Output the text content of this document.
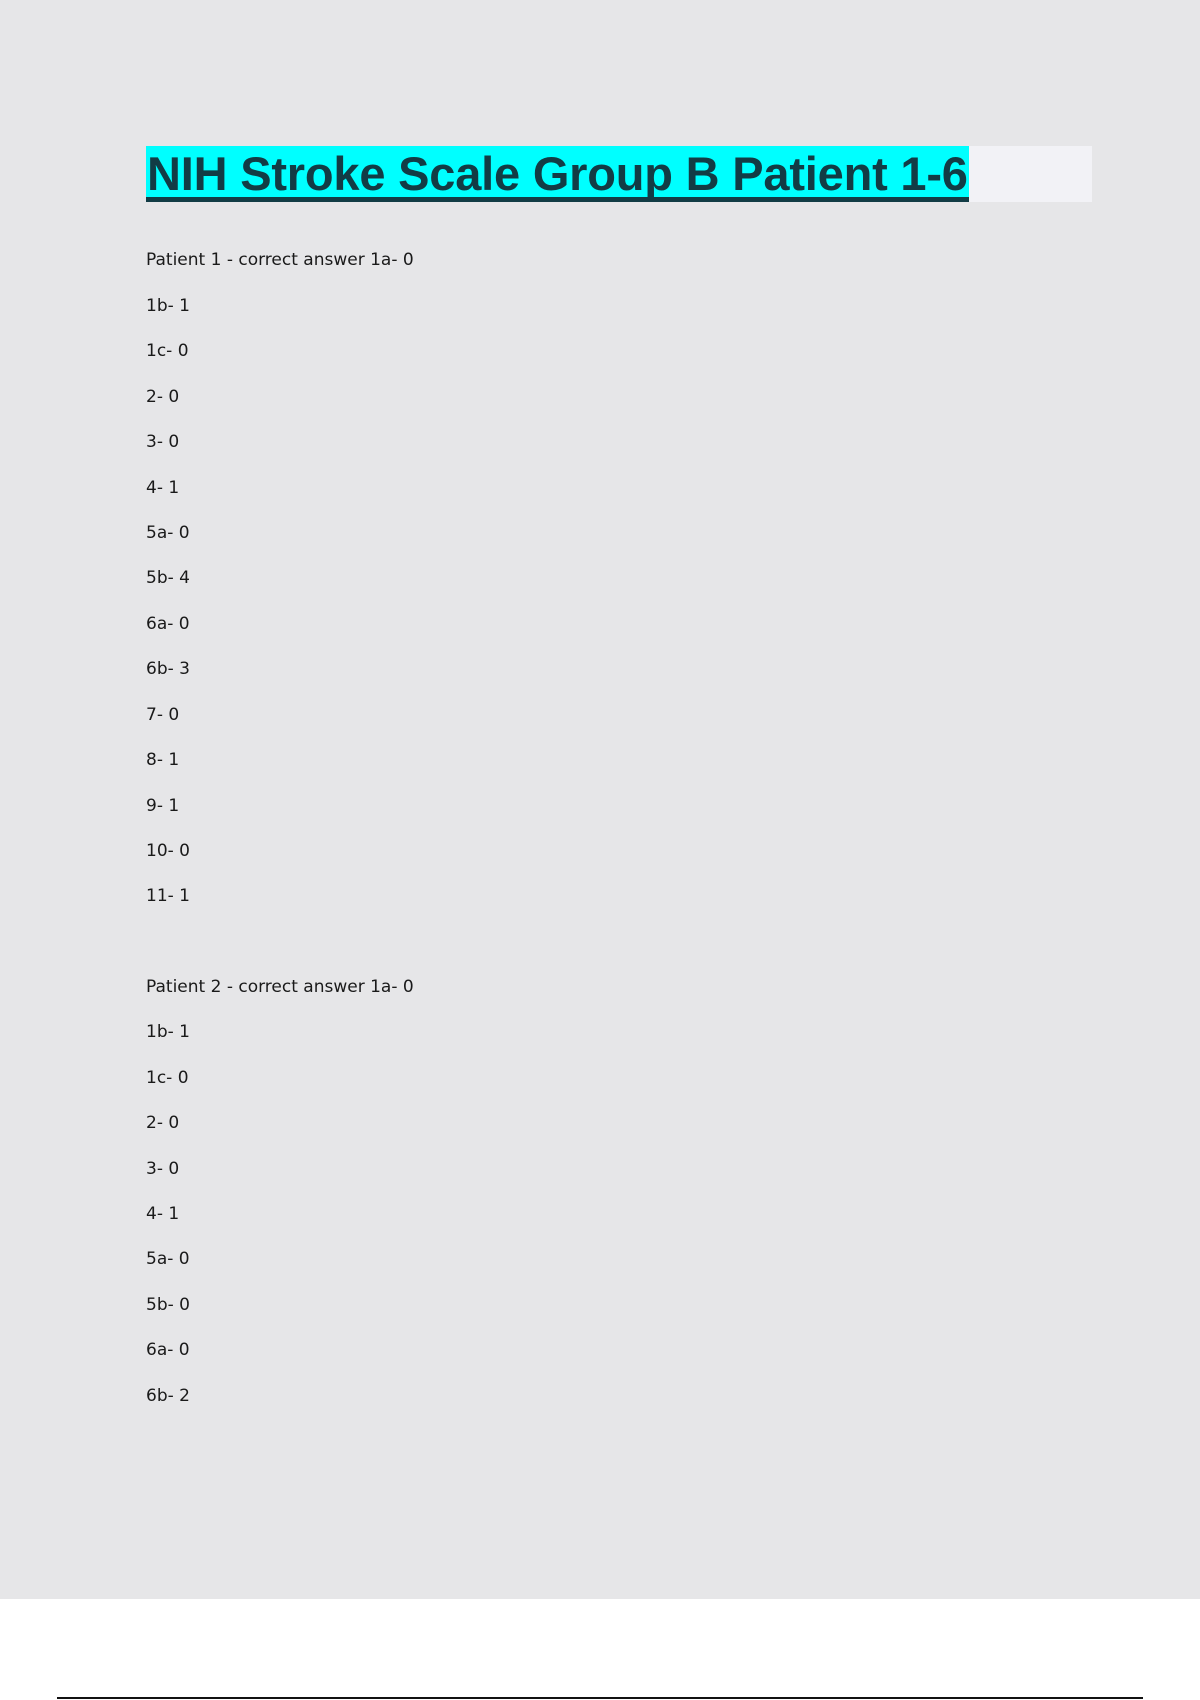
NIH Stroke Scale Group B Patient 1-6

Patient 1 - correct answer 1a- 0

1b- 1

1c- 0

2- 0

3- 0

4- 1

5a- 0

5b- 4

6a- 0

6b- 3

7- 0

8- 1

9- 1

10- 0

11- 1

Patient 2 - correct answer 1a- 0

1b- 1

1c- 0

2- 0

3- 0

4- 1

5a- 0

5b- 0

6a- 0

6b- 2
